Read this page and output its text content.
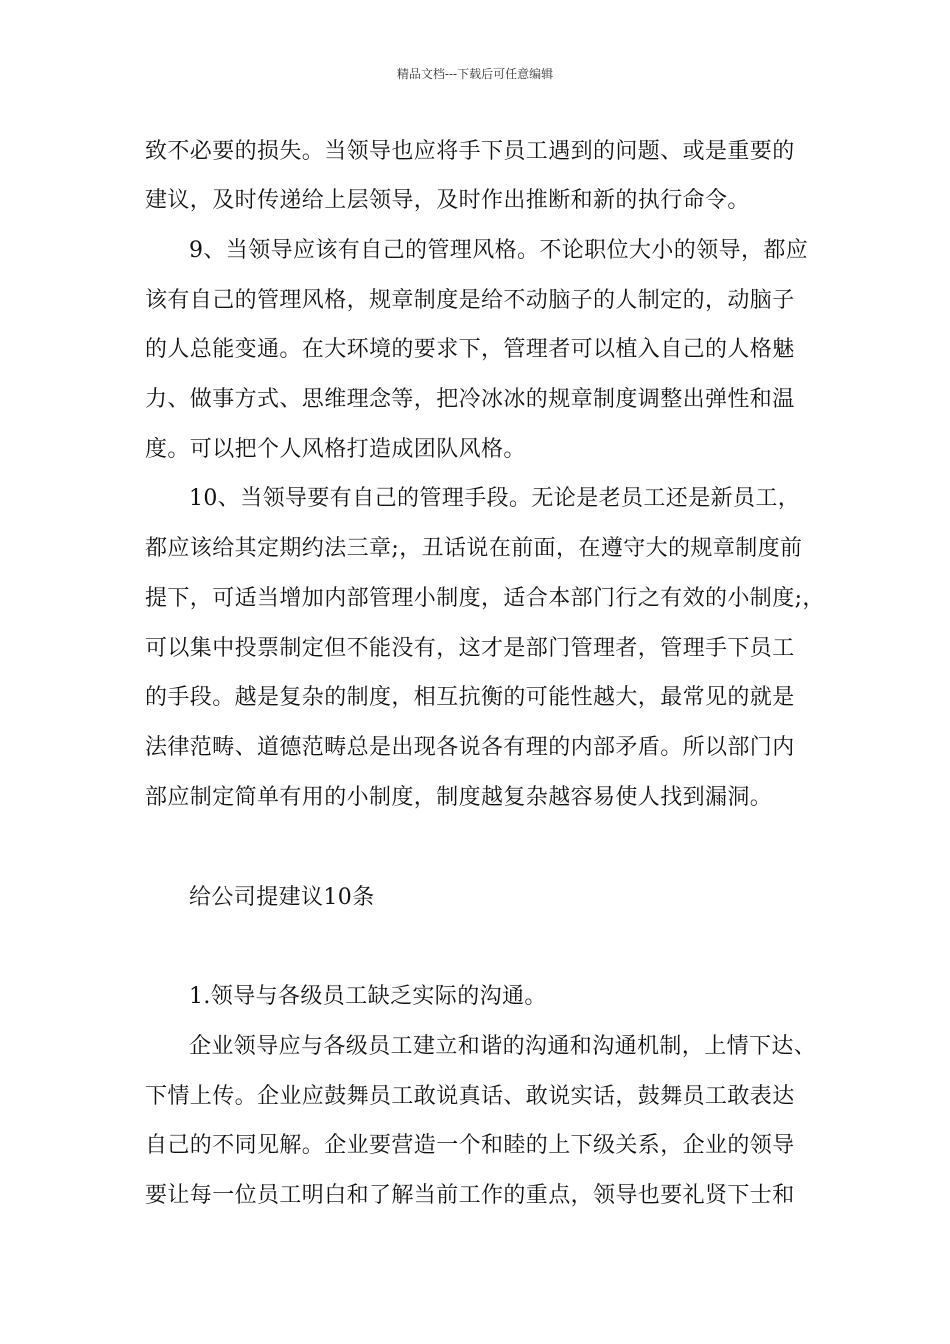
精品文档---下载后可任意编辑
致不必要的损失。当领导也应将手下员工遇到的问题、或是重要的
建议，及时传递给上层领导，及时作出推断和新的执行命令。
9、当领导应该有自己的管理风格。不论职位大小的领导，都应
该有自己的管理风格，规章制度是给不动脑子的人制定的，动脑子
的人总能变通。在大环境的要求下，管理者可以植入自己的人格魅
力、做事方式、思维理念等，把冷冰冰的规章制度调整出弹性和温
度。可以把个人风格打造成团队风格。
10、当领导要有自己的管理手段。无论是老员工还是新员工，
都应该给其定期约法三章;，丑话说在前面，在遵守大的规章制度前
提下，可适当增加内部管理小制度，适合本部门行之有效的小制度;，
可以集中投票制定但不能没有，这才是部门管理者，管理手下员工
的手段。越是复杂的制度，相互抗衡的可能性越大，最常见的就是
法律范畴、道德范畴总是出现各说各有理的内部矛盾。所以部门内
部应制定简单有用的小制度，制度越复杂越容易使人找到漏洞。
给公司提建议10条
1.领导与各级员工缺乏实际的沟通。
企业领导应与各级员工建立和谐的沟通和沟通机制，上情下达、
下情上传。企业应鼓舞员工敢说真话、敢说实话，鼓舞员工敢表达
自己的不同见解。企业要营造一个和睦的上下级关系，企业的领导
要让每一位员工明白和了解当前工作的重点，领导也要礼贤下士和
